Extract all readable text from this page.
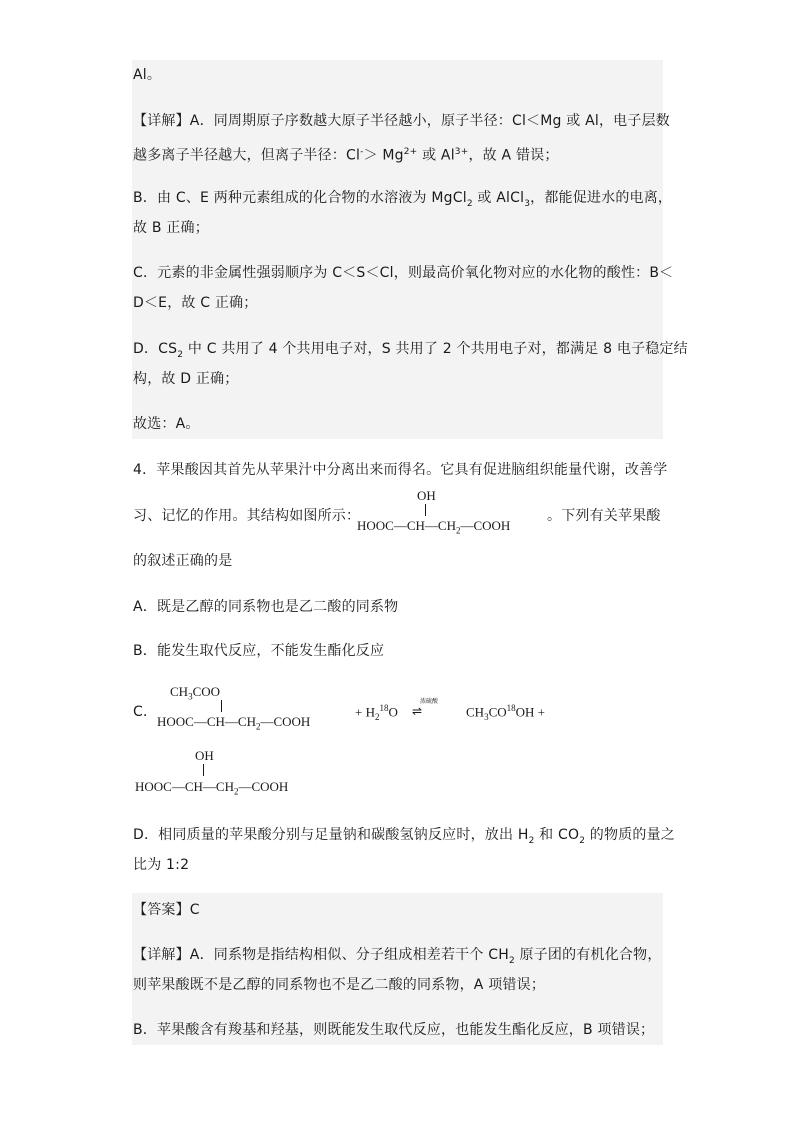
Al。
【详解】A．同周期原子序数越大原子半径越小，原子半径：Cl＜Mg 或 Al，电子层数
越多离子半径越大，但离子半径：$Cl^-> Mg^{2+}$ 或 $Al^{3+}$，故 A 错误；
B．由 C、E 两种元素组成的化合物的水溶液为 MgCl$_2$ 或 AlCl$_3$，都能促进水的电离，
故 B 正确；
C．元素的非金属性强弱顺序为 C＜S＜Cl，则最高价氧化物对应的水化物的酸性：B＜
D＜E，故 C 正确；
D．$CS_2$ 中 C 共用了 4 个共用电子对，S 共用了 2 个共用电子对，都满足 8 电子稳定结
构，故 D 正确；
故选：A。
4．苹果酸因其首先从苹果汁中分离出来而得名。它具有促进脑组织能量代谢，改善学
习、记忆的作用。其结构如图所示：	。下列有关苹果酸
的叙述正确的是
OH
$HOOC—CH—CH_2—COOH$
A．既是乙醇的同系物也是乙二酸的同系物
B．能发生取代反应，不能发生酯化反应
C．
$CH_3COO$
$HOOC—CH—CH_2—COOH$
+ $H_2^{18}O$
浓硫酸
⇌	$CH_3CO^{18}OH$ +
OH
$HOOC—CH—CH_2—COOH$
D．相同质量的苹果酸分别与足量钠和碳酸氢钠反应时，放出 $H_2$ 和 $CO_2$ 的物质的量之
比为 1:2
【答案】C
【详解】A．同系物是指结构相似、分子组成相差若干个 $CH_2$ 原子团的有机化合物，
则苹果酸既不是乙醇的同系物也不是乙二酸的同系物，A 项错误；
B．苹果酸含有羧基和羟基，则既能发生取代反应，也能发生酯化反应，B 项错误；
